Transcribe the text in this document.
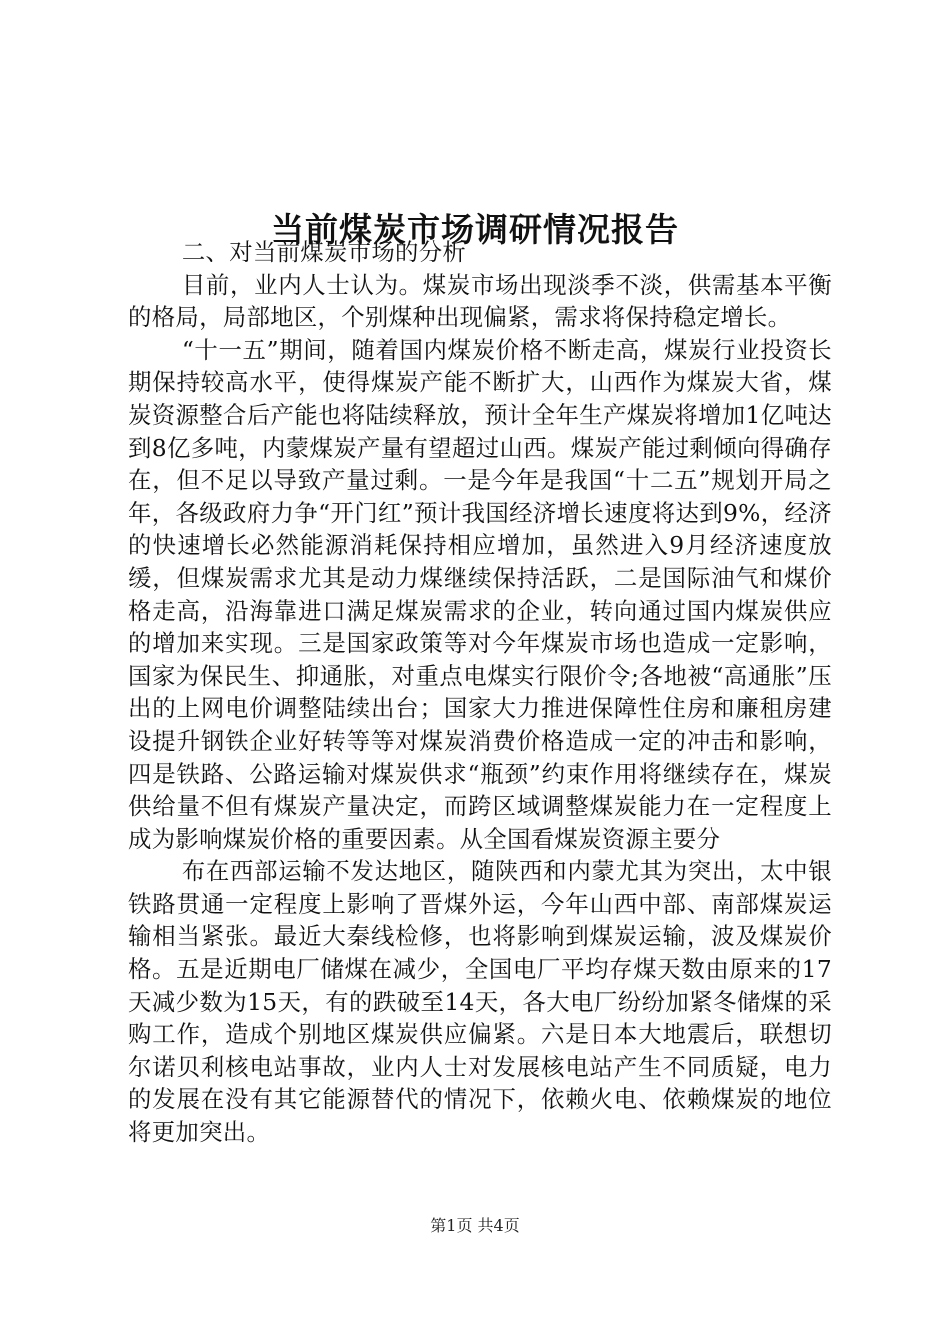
当前煤炭市场调研情况报告

二、对当前煤炭市场的分析

目前，业内人士认为。煤炭市场出现淡季不淡，供需基本平衡的格局，局部地区，个别煤种出现偏紧，需求将保持稳定增长。

“十一五”期间，随着国内煤炭价格不断走高，煤炭行业投资长期保持较高水平，使得煤炭产能不断扩大，山西作为煤炭大省，煤炭资源整合后产能也将陆续释放，预计全年生产煤炭将增加1亿吨达到8亿多吨，内蒙煤炭产量有望超过山西。煤炭产能过剩倾向得确存在，但不足以导致产量过剩。一是今年是我国“十二五”规划开局之年，各级政府力争“开门红”预计我国经济增长速度将达到9%，经济的快速增长必然能源消耗保持相应增加，虽然进入9月经济速度放缓，但煤炭需求尤其是动力煤继续保持活跃，二是国际油气和煤价格走高，沿海靠进口满足煤炭需求的企业，转向通过国内煤炭供应的增加来实现。三是国家政策等对今年煤炭市场也造成一定影响，国家为保民生、抑通胀，对重点电煤实行限价令;各地被“高通胀”压出的上网电价调整陆续出台；国家大力推进保障性住房和廉租房建设提升钢铁企业好转等等对煤炭消费价格造成一定的冲击和影响，四是铁路、公路运输对煤炭供求“瓶颈”约束作用将继续存在，煤炭供给量不但有煤炭产量决定，而跨区域调整煤炭能力在一定程度上成为影响煤炭价格的重要因素。从全国看煤炭资源主要分

布在西部运输不发达地区，随陕西和内蒙尤其为突出，太中银铁路贯通一定程度上影响了晋煤外运，今年山西中部、南部煤炭运输相当紧张。最近大秦线检修，也将影响到煤炭运输，波及煤炭价格。五是近期电厂储煤在减少，全国电厂平均存煤天数由原来的17天减少数为15天，有的跌破至14天，各大电厂纷纷加紧冬储煤的采购工作，造成个别地区煤炭供应偏紧。六是日本大地震后，联想切尔诺贝利核电站事故，业内人士对发展核电站产生不同质疑，电力的发展在没有其它能源替代的情况下，依赖火电、依赖煤炭的地位将更加突出。

第1页 共4页
